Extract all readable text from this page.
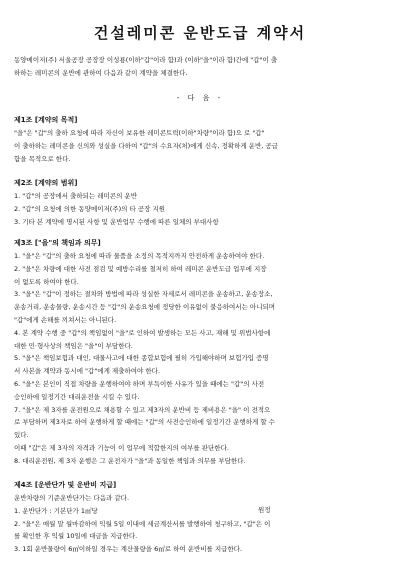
건설레미콘 운반도급 계약서
동양메이저(주) 서울공장 공장장 이성룡(이하"갑"이라 함)과 (이하"을"이라 함)간에 "갑"이 출
하하는 레미콘의 운반에 관하여 다음과 같이 계약을 체결한다.
- 다 음 -
제1조 [계약의 목적]
"을"은 "갑"의 출하 요청에 따라 자신이 보유한 레미콘트럭(이하"차량"이라 함)으 로 "갑"
이 출하하는 레미콘을 신의와 성실을 다하여 "갑"의 수요자(처)에게 신속, 정확하게 운반, 공급
함을 목적으로 한다.
제2조 [계약의 범위]
1. "갑"의 공장에서 출하되는 레미콘의 운반
2. "갑"의 요청에 의한 동양메이저(주)의 타 공장 지원
3. 기타 본 계약에 명시된 사항 및 운반업무 수행에 따른 일체의 부대사항
제3조 ["을"의 책임과 의무]
1. "을"은 "갑"의 출하 요청에 따라 물품을 소정의 목적지까지 안전하게 운송하여야 한다.
2. "을"은 차량에 대한 사전 점검 및 예방수리를 철저히 하여 레미콘 운반도급 업무에 지장
이 없도록 하여야 한다.
3. "을"은 "갑"이 정하는 절차와 방법에 따라 성실한 자세로서 레미콘을 운송하고, 운송장소,
운송거리, 운송물량, 운송시간 등 "갑"의 운송요청에 정당한 이유없이 불응하여서는 아니되며
"갑"에게 손해를 끼쳐서는 아니된다.
4. 본 계약 수행 중 "갑"의 책임없이 "을"로 인하여 발생하는 모든 사고, 재해 및 위법사항에
대한 민·형사상의 책임은 "을"이 부담한다.
5. "을"은 책임보험과 대인, 대물사고에 대한 종합보험에 필히 가입해야하며 보험가입 증명
서 사본을 계약과 동시에 "갑"에게 제출하여야 한다.
6. "을"은 본인이 직접 차량을 운행하여야 하며 부득이한 사유가 있을 때에는 "갑"의 사전
승인하에 일정기간 대리운전을 시킬 수 있다.
7. "을"은 제 3자를 운전원으로 채용할 수 있고 제3자의 운반비 등 제비용은 "을" 이 전적으
로 부담하며 제3자로 하여 운행하게 할 때에는 "갑"의 사전승인하에 일정기간 운행하게 할 수
있다.
이때 "갑"은 제 3자의 자격과 기능이 이 업무에 적합한지의 여부를 판단한다.
8. 대리운전원, 제 3자 운행은 그 운전자가 "을"과 동일한 책임과 의무를 부담한다.
제4조 [운반단가 및 운반비 지급]
운반차량의 기준운반단가는 다음과 같다.
1. 운반단가 : 기본단가 1㎥당
2. "을"은 매월 말 월마감하여 익월 5일 이내에 세금계산서를 발행하여 청구하고, "갑"은 이
를 확인한 후 익월 10일에 대금을 지급한다.
3. 1회 운반물량이 6㎥이하일 경우는 계산물량을 6㎥로 하여 운반비를 지급한다.
원정
